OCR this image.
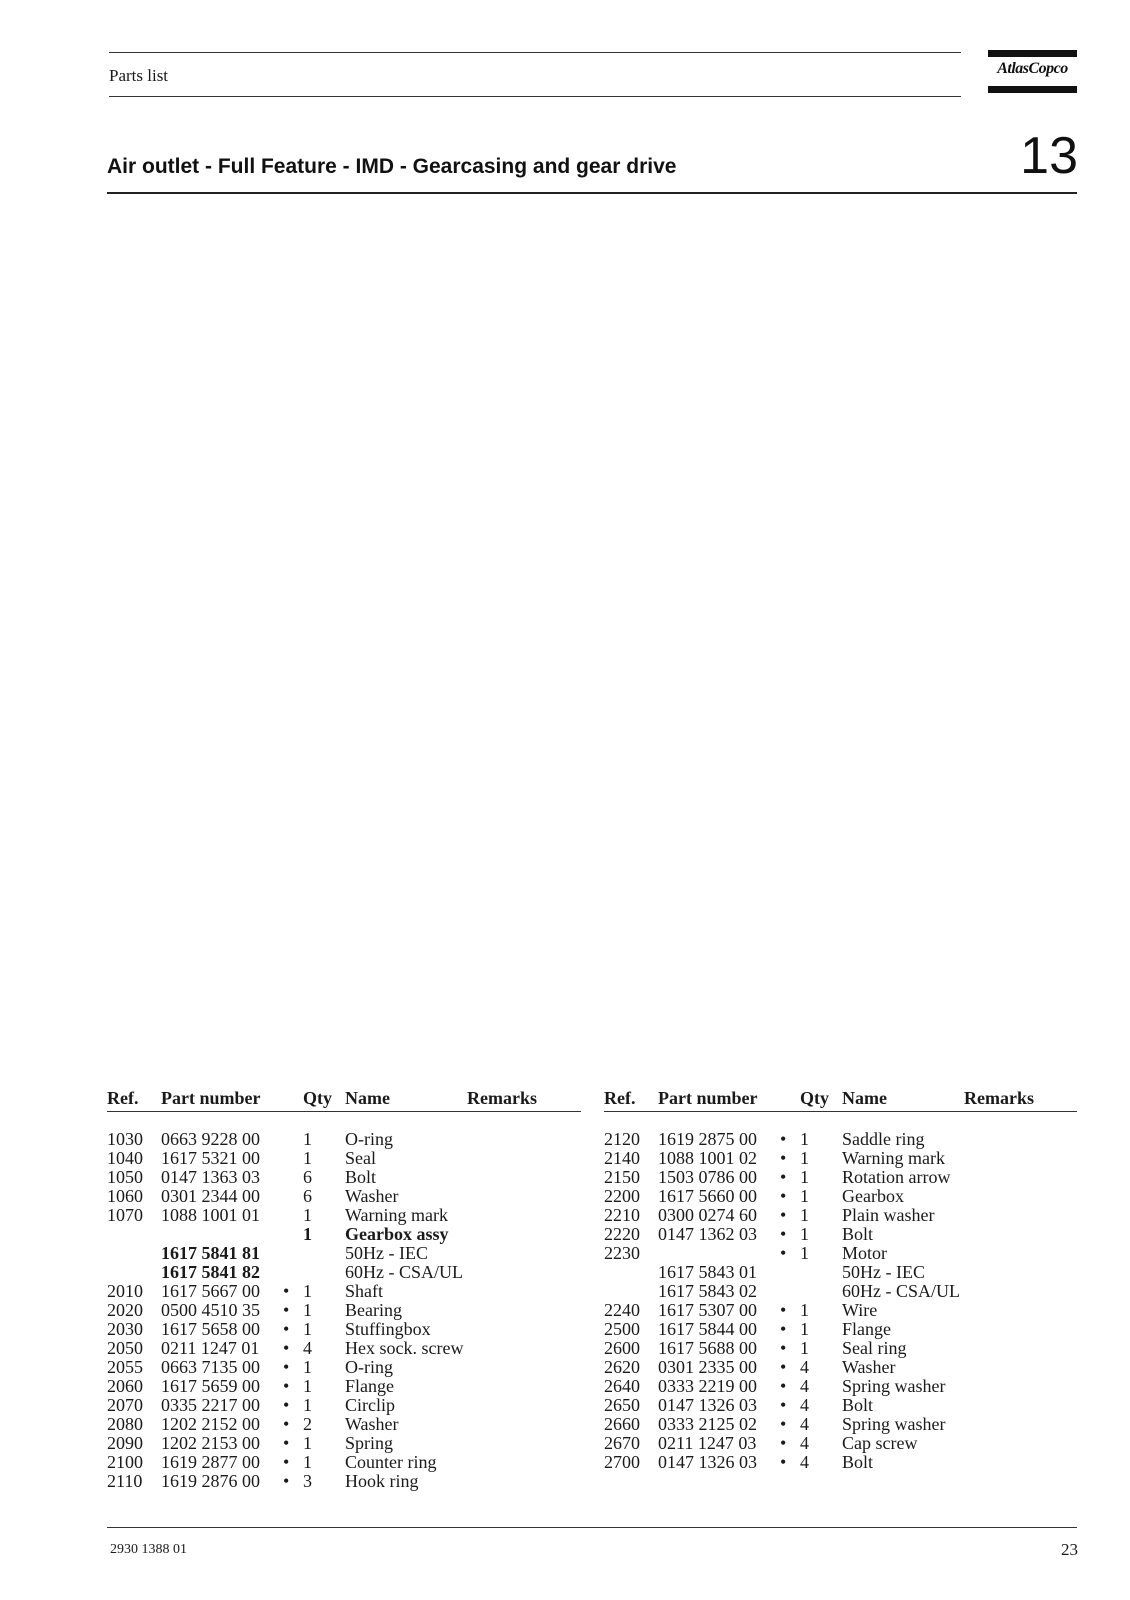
Parts list	AtlasCopco
Air outlet - Full Feature - IMD - Gearcasing and gear drive	13
Ref.	Part number		Qty	Name	Remarks

1030	0663 9228 00		1	O-ring	
1040	1617 5321 00		1	Seal	
1050	0147 1363 03		6	Bolt	
1060	0301 2344 00		6	Washer	
1070	1088 1001 01		1	Warning mark	
			1	Gearbox assy	
	1617 5841 81			50Hz - IEC	
	1617 5841 82			60Hz - CSA/UL	
2010	1617 5667 00	•	1	Shaft	
2020	0500 4510 35	•	1	Bearing	
2030	1617 5658 00	•	1	Stuffingbox	
2050	0211 1247 01	•	4	Hex sock. screw	
2055	0663 7135 00	•	1	O-ring	
2060	1617 5659 00	•	1	Flange	
2070	0335 2217 00	•	1	Circlip	
2080	1202 2152 00	•	2	Washer	
2090	1202 2153 00	•	1	Spring	
2100	1619 2877 00	•	1	Counter ring	
2110	1619 2876 00	•	3	Hook ring	
Ref.	Part number		Qty	Name	Remarks

2120	1619 2875 00	•	1	Saddle ring	
2140	1088 1001 02	•	1	Warning mark	
2150	1503 0786 00	•	1	Rotation arrow	
2200	1617 5660 00	•	1	Gearbox	
2210	0300 0274 60	•	1	Plain washer	
2220	0147 1362 03	•	1	Bolt	
2230		•	1	Motor	
	1617 5843 01			50Hz - IEC	
	1617 5843 02			60Hz - CSA/UL	
2240	1617 5307 00	•	1	Wire	
2500	1617 5844 00	•	1	Flange	
2600	1617 5688 00	•	1	Seal ring	
2620	0301 2335 00	•	4	Washer	
2640	0333 2219 00	•	4	Spring washer	
2650	0147 1326 03	•	4	Bolt	
2660	0333 2125 02	•	4	Spring washer	
2670	0211 1247 03	•	4	Cap screw	
2700	0147 1326 03	•	4	Bolt	
2930 1388 01	23
